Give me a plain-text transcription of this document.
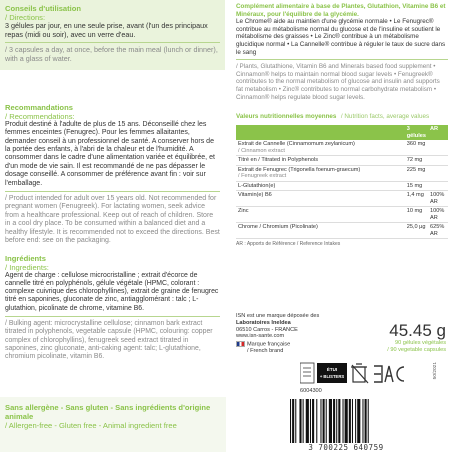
Conseils d'utilisation
/ Directions:
3 gélules par jour, en une seule prise, avant (l'un des principaux repas (midi ou soir), avec un verre d'eau.
/ 3 capsules a day, at once, before the main meal (lunch or dinner), with a glass of water.
Recommandations
/ Recommendations:
Produit destiné à l'adulte de plus de 15 ans. Déconseillé chez les femmes enceintes (Fenugrec). Pour les femmes allaitantes, demander conseil à un professionnel de santé. A conserver hors de la portée des enfants, à l'abri de la chaleur et de l'humidité. A consommer dans le cadre d'une alimentation variée et équilibrée, et d'un mode de vie sain. Il est recommandé de ne pas dépasser le dosage conseillé. A consommer de préférence avant fin : voir sur l'emballage.
/ Product intended for adult over 15 years old. Not recommended for pregnant women (Fenugreek). For lactating women, seek advice from a healthcare professional. Keep out of reach of children. Store in a cool dry place. To be consumed within a balanced diet and a healthy lifestyle. It is recommended not to exceed the directions. Best before end: see on the packaging.
Ingrédients
/ Ingredients:
Agent de charge : cellulose microcristalline ; extrait d'écorce de cannelle titré en polyphénols, gélule végétale (HPMC, colorant : complexe cuivrique des chlorophyllines), extrait de graine de fenugrec titré en saponines, gluconate de zinc, antiagglomérant : talc ; L-glutathion, picolinate de chrome, vitamine B6.
/ Bulking agent: microcrystalline cellulose; cinnamon bark extract titrated in polyphenols, vegetable capsule (HPMC, colouring: copper complex of chlorophyllins), fenugreek seed extract titrated in saponines, zinc gluconate, anti-caking agent: talc; L-glutathione, chromium picolinate, vitamin B6.
Sans allergène - Sans gluten - Sans ingrédients d'origine animale
/ Allergen-free - Gluten free - Animal ingredient free
Complément alimentaire à base de Plantes, Glutathion, Vitamine B6 et Minéraux, pour l'équilibre de la glycémie.
Le Chrome® aide au maintien d'une glycémie normale • Le Fenugrec® contribue au métabolisme normal du glucose et de l'insuline et soutient le métabolisme des graisses • Le Zinc® contribue à un métabolisme glucidique normal • La Cannelle® contribue à réguler le taux de sucre dans le sang
/ Plants, Glutathione, Vitamin B6 and Minerals based food supplement • Cinnamon® helps to maintain normal blood sugar levels • Fenugreek® contributes to the normal metabolism of glucose and insulin and supports fat metabolism • Zinc® contributes to normal carbohydrate metabolism • Cinnamon® helps regulate blood sugar levels.
Valeurs nutritionnelles moyennes / Nutrition facts, average values
	3 gélules	AR
Extrait de Cannelle (Cinnamomum zeylanicum)
/ Cinnamon extract	360 mg	
Titré en / Titrated in Polyphenols	72 mg	
Extrait de Fenugrec (Trigonella foenum-graecum)
/ Fenugreek extract	225 mg	
L-Glutathion(e)	15 mg	
Vitamin(e) B6	1,4 mg	100% AR
Zinc	10 mg	100% AR
Chrome / Chromium (Picolinate)	25,0 µg	625% AR
AR : Apports de Référence / Reference Intakes
ISN est une marque déposée des
Laboratoires Ineldea
06510 Carros - FRANCE
www.isn-sante.com
Marque française
/ French brand
45.45 g
90 gélules végétales
/ 90 vegetable capsules
ÉTUI
+ BLISTERS
6004300
50/2021
3 700225 640759
